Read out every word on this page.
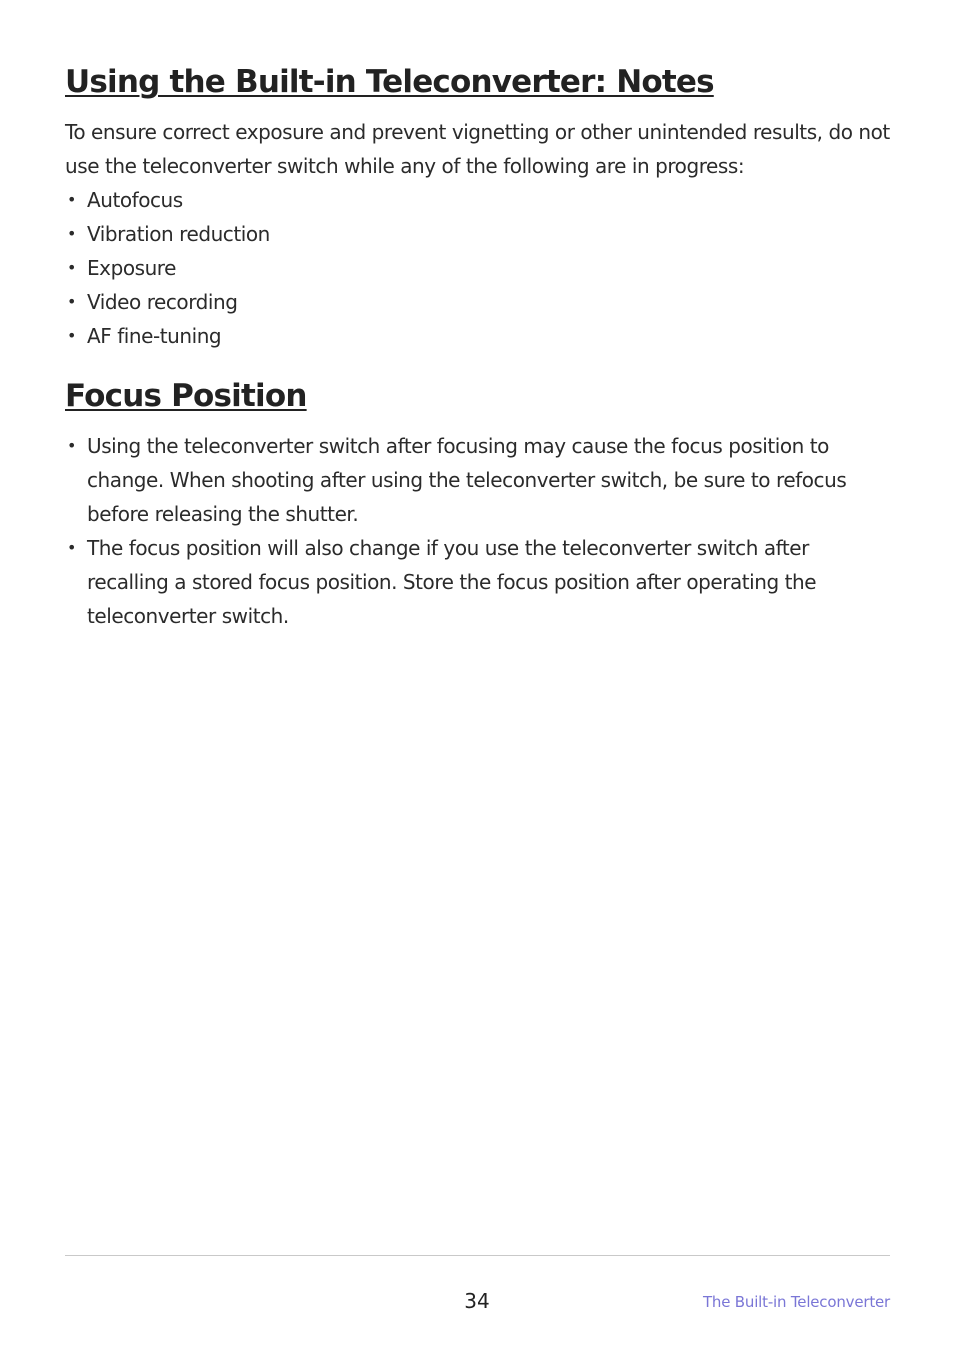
Using the Built-in Teleconverter: Notes

To ensure correct exposure and prevent vignetting or other unintended results, do not use the teleconverter switch while any of the following are in progress:

• Autofocus
• Vibration reduction
• Exposure
• Video recording
• AF fine-tuning
Focus Position
• Using the teleconverter switch after focusing may cause the focus position to change. When shooting after using the teleconverter switch, be sure to refocus before releasing the shutter.
• The focus position will also change if you use the teleconverter switch after recalling a stored focus position. Store the focus position after operating the teleconverter switch.
34	The Built-in Teleconverter
